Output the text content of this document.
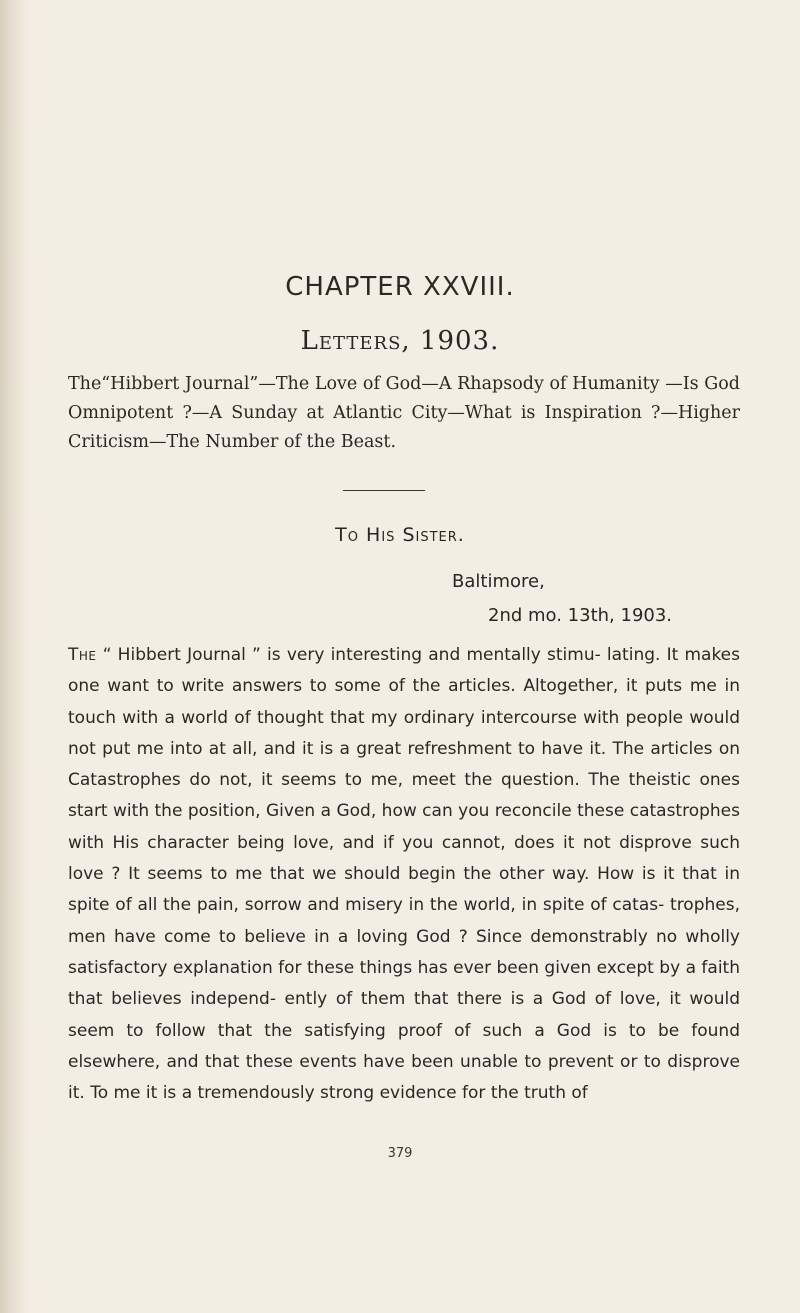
CHAPTER XXVIII.
Letters, 1903.
The“Hibbert Journal”—The Love of God—A Rhapsody of Humanity —Is God Omnipotent ?—A Sunday at Atlantic City—What is Inspiration ?—Higher Criticism—The Number of the Beast.
To His Sister.
Baltimore,
2nd mo. 13th, 1903.
The “ Hibbert Journal ” is very interesting and mentally stimu- lating. It makes one want to write answers to some of the articles. Altogether, it puts me in touch with a world of thought that my ordinary intercourse with people would not put me into at all, and it is a great refreshment to have it. The articles on Catastrophes do not, it seems to me, meet the question. The theistic ones start with the position, Given a God, how can you reconcile these catastrophes with His character being love, and if you cannot, does it not disprove such love ? It seems to me that we should begin the other way. How is it that in spite of all the pain, sorrow and misery in the world, in spite of catas- trophes, men have come to believe in a loving God ? Since demonstrably no wholly satisfactory explanation for these things has ever been given except by a faith that believes independ- ently of them that there is a God of love, it would seem to follow that the satisfying proof of such a God is to be found elsewhere, and that these events have been unable to prevent or to disprove it. To me it is a tremendously strong evidence for the truth of
379
